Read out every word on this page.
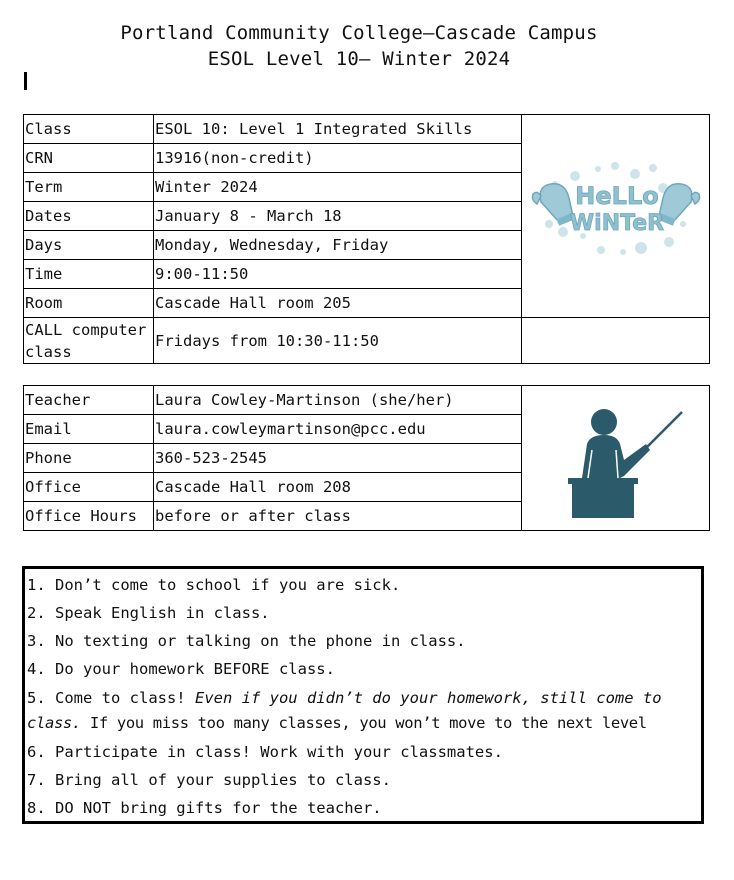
Portland Community College—Cascade Campus
ESOL Level 10– Winter 2024
Class	ESOL 10: Level 1 Integrated Skills	HeLLo
WiNTeR

CRN	13916(non-credit)	
Term	Winter 2024	
Dates	January 8 - March 18	
Days	Monday, Wednesday, Friday	
Time	9:00-11:50	
Room	Cascade Hall room 205	
CALL computer class	Fridays from 10:30-11:50	
Teacher	Laura Cowley-Martinson (she/her)	
Email	laura.cowleymartinson@pcc.edu	
Phone	360-523-2545	
Office	Cascade Hall room 208	
Office Hours	before or after class	
1. Don’t come to school if you are sick.
2. Speak English in class.
3. No texting or talking on the phone in class.
4. Do your homework BEFORE class.
5. Come to class! Even if you didn’t do your homework, still come to
class. If you miss too many classes, you won’t move to the next level
6. Participate in class! Work with your classmates.
7. Bring all of your supplies to class.
8. DO NOT bring gifts for the teacher.
